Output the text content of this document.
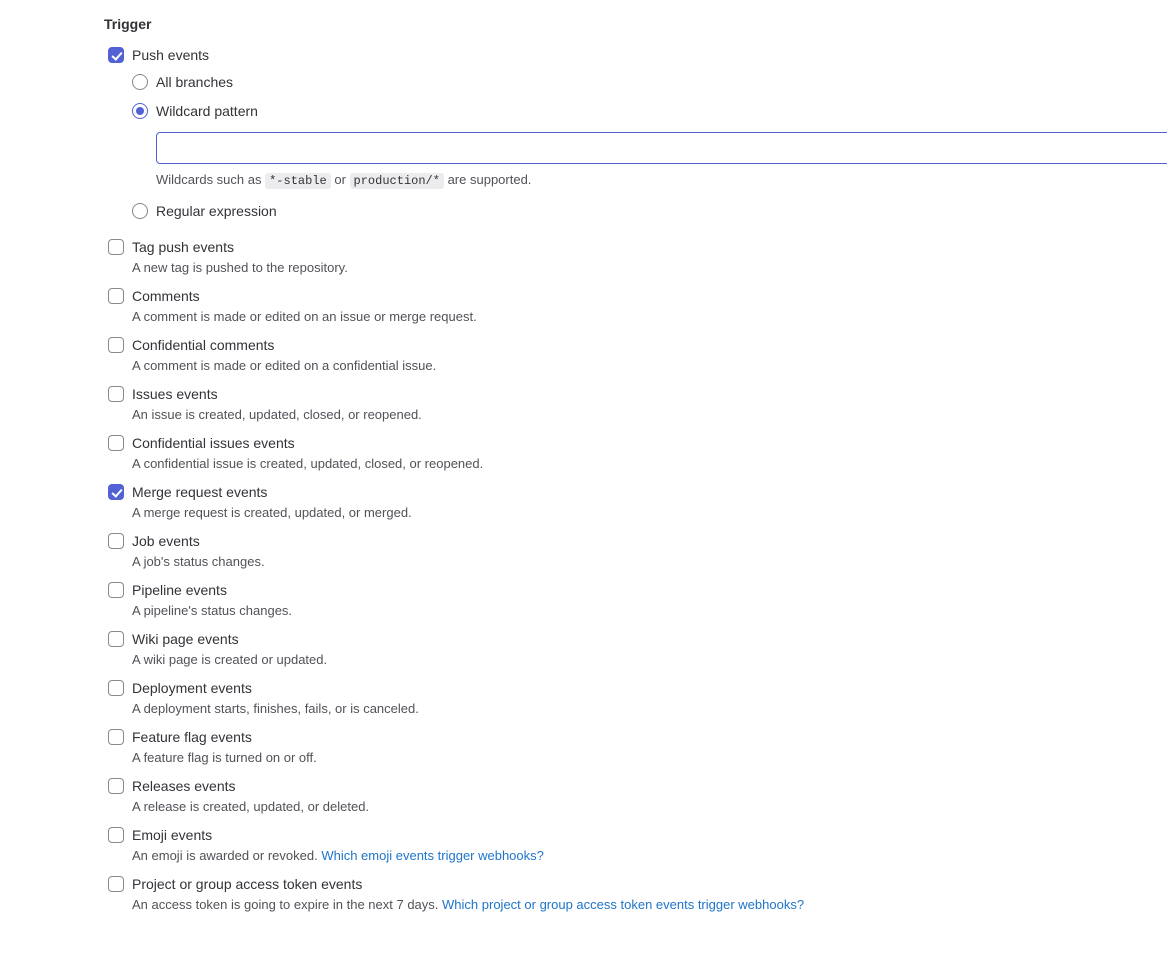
Trigger
Push events
All branches
Wildcard pattern
Wildcards such as *-stable or production/* are supported.
Regular expression
Tag push events
A new tag is pushed to the repository.
Comments
A comment is made or edited on an issue or merge request.
Confidential comments
A comment is made or edited on a confidential issue.
Issues events
An issue is created, updated, closed, or reopened.
Confidential issues events
A confidential issue is created, updated, closed, or reopened.
Merge request events
A merge request is created, updated, or merged.
Job events
A job's status changes.
Pipeline events
A pipeline's status changes.
Wiki page events
A wiki page is created or updated.
Deployment events
A deployment starts, finishes, fails, or is canceled.
Feature flag events
A feature flag is turned on or off.
Releases events
A release is created, updated, or deleted.
Emoji events
An emoji is awarded or revoked. Which emoji events trigger webhooks?
Project or group access token events
An access token is going to expire in the next 7 days. Which project or group access token events trigger webhooks?
